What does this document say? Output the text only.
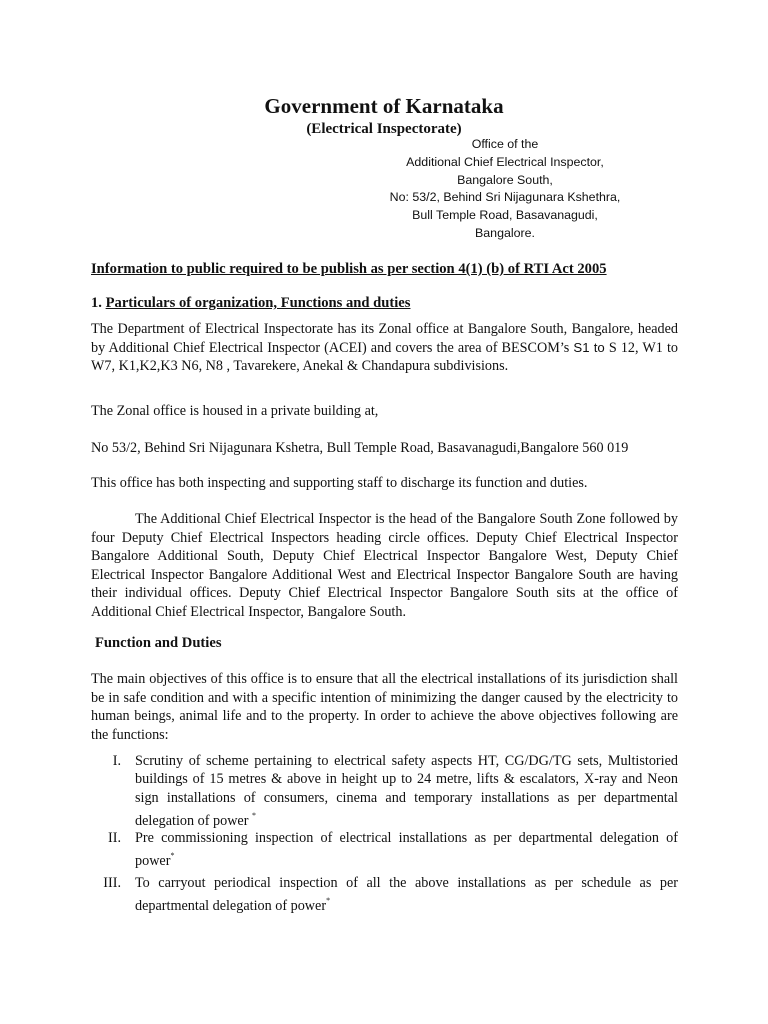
Government of Karnataka
(Electrical Inspectorate)
Office of the
Additional Chief Electrical Inspector,
Bangalore South,
No: 53/2, Behind Sri Nijagunara Kshethra,
Bull Temple Road, Basavanagudi,
Bangalore.
Information to public required to be publish as per section 4(1) (b) of RTI Act 2005
1. Particulars of organization, Functions and duties
The Department of Electrical Inspectorate has its Zonal office at Bangalore South, Bangalore, headed by Additional Chief Electrical Inspector (ACEI) and covers the area of BESCOM’s S1 to S 12, W1 to W7, K1,K2,K3 N6, N8 , Tavarekere, Anekal & Chandapura subdivisions.
The Zonal office is housed in a private building at,
No 53/2, Behind Sri Nijagunara Kshetra, Bull Temple Road, Basavanagudi,Bangalore 560 019
This office has both inspecting and supporting staff to discharge its function and duties.
The Additional Chief Electrical Inspector is the head of the Bangalore South Zone followed by four Deputy Chief Electrical Inspectors heading circle offices. Deputy Chief Electrical Inspector Bangalore Additional South, Deputy Chief Electrical Inspector Bangalore West, Deputy Chief Electrical Inspector Bangalore Additional West and Electrical Inspector Bangalore South are having their individual offices. Deputy Chief Electrical Inspector Bangalore South sits at the office of Additional Chief Electrical Inspector, Bangalore South.
Function and Duties
The main objectives of this office is to ensure that all the electrical installations of its jurisdiction shall be in safe condition and with a specific intention of minimizing the danger caused by the electricity to human beings, animal life and to the property. In order to achieve the above objectives following are the functions:
I. Scrutiny of scheme pertaining to electrical safety aspects HT, CG/DG/TG sets, Multistoried buildings of 15 metres & above in height up to 24 metre, lifts & escalators, X-ray and Neon sign installations of consumers, cinema and temporary installations as per departmental delegation of power *
II. Pre commissioning inspection of electrical installations as per departmental delegation of power*
III. To carryout periodical inspection of all the above installations as per schedule as per departmental delegation of power*
